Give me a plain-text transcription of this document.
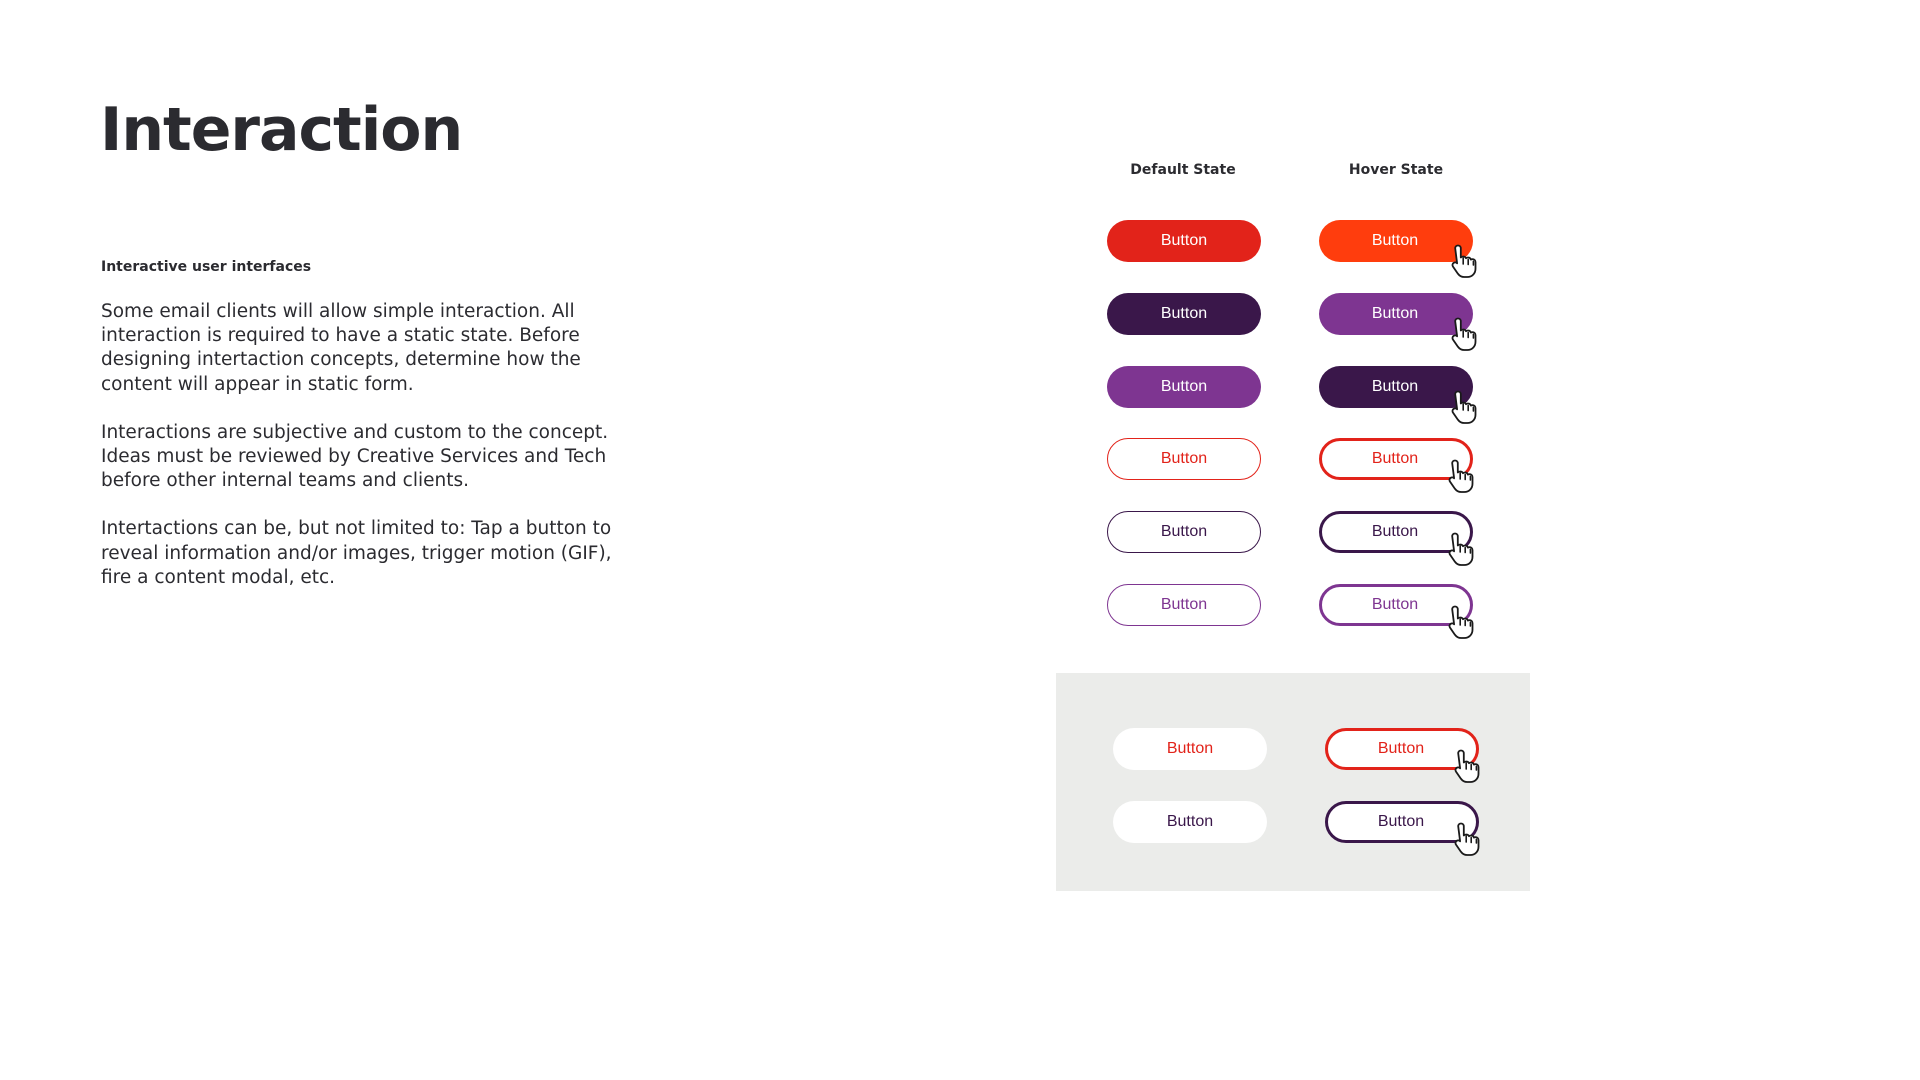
Interaction
Interactive user interfaces

Some email clients will allow simple interaction. All interaction is required to have a static state. Before designing intertaction concepts, determine how the content will appear in static form.

Interactions are subjective and custom to the concept. Ideas must be reviewed by Creative Services and Tech before other internal teams and clients.

Intertactions can be, but not limited to: Tap a button to reveal information and/or images, trigger motion (GIF), fire a content modal, etc.

Default State	Hover State
Button	Button
Button	Button
Button	Button
Button	Button
Button	Button
Button	Button
Button	Button
Button	Button
